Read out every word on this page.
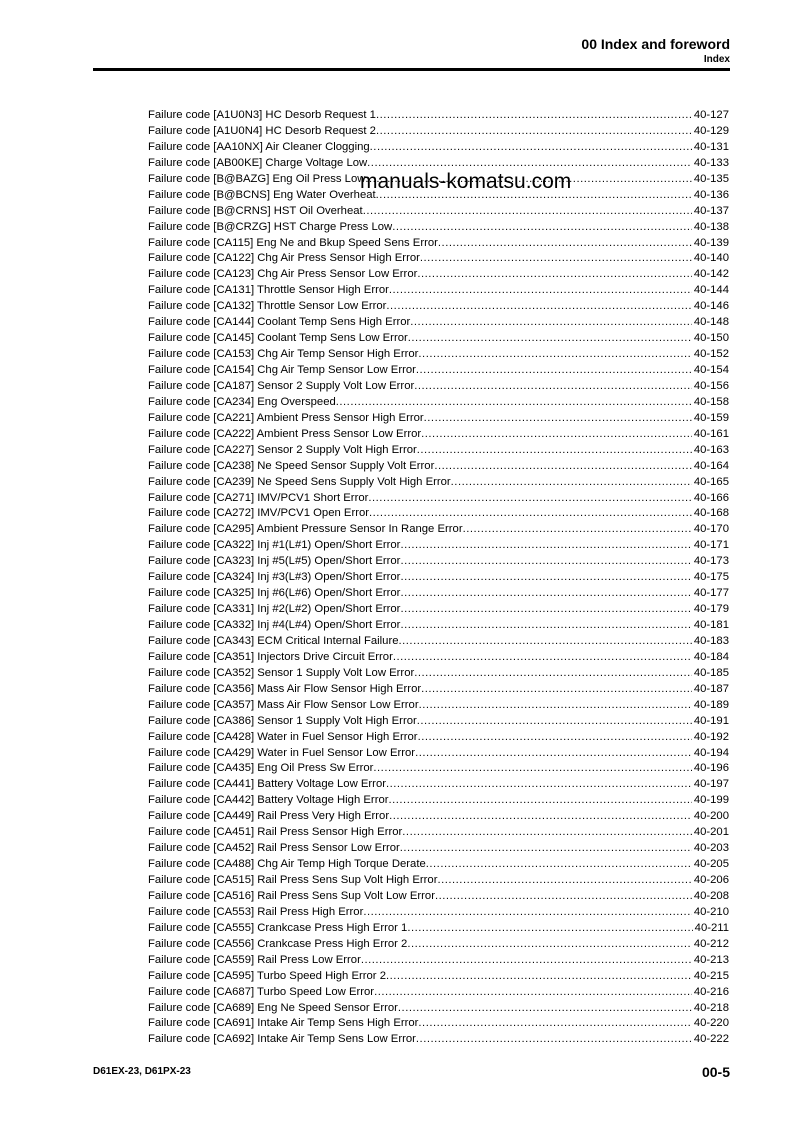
00 Index and foreword
Index
Failure code [A1U0N3] HC Desorb Request 1 .....	40-127
Failure code [A1U0N4] HC Desorb Request 2 .....	40-129
Failure code [AA10NX] Air Cleaner Clogging .....	40-131
Failure code [AB00KE] Charge Voltage Low .....	40-133
Failure code [B@BAZG] Eng Oil Press Low .....	40-135
Failure code [B@BCNS] Eng Water Overheat .....	40-136
Failure code [B@CRNS] HST Oil Overheat .....	40-137
Failure code [B@CRZG] HST Charge Press Low .....	40-138
Failure code [CA115] Eng Ne and Bkup Speed Sens Error .....	40-139
Failure code [CA122] Chg Air Press Sensor High Error .....	40-140
Failure code [CA123] Chg Air Press Sensor Low Error .....	40-142
Failure code [CA131] Throttle Sensor High Error .....	40-144
Failure code [CA132] Throttle Sensor Low Error .....	40-146
Failure code [CA144] Coolant Temp Sens High Error .....	40-148
Failure code [CA145] Coolant Temp Sens Low Error .....	40-150
Failure code [CA153] Chg Air Temp Sensor High Error .....	40-152
Failure code [CA154] Chg Air Temp Sensor Low Error .....	40-154
Failure code [CA187] Sensor 2 Supply Volt Low Error .....	40-156
Failure code [CA234] Eng Overspeed .....	40-158
Failure code [CA221] Ambient Press Sensor High Error .....	40-159
Failure code [CA222] Ambient Press Sensor Low Error .....	40-161
Failure code [CA227] Sensor 2 Supply Volt High Error .....	40-163
Failure code [CA238] Ne Speed Sensor Supply Volt Error .....	40-164
Failure code [CA239] Ne Speed Sens Supply Volt High Error .....	40-165
Failure code [CA271] IMV/PCV1 Short Error .....	40-166
Failure code [CA272] IMV/PCV1 Open Error .....	40-168
Failure code [CA295] Ambient Pressure Sensor In Range Error .....	40-170
Failure code [CA322] Inj #1(L#1) Open/Short Error .....	40-171
Failure code [CA323] Inj #5(L#5) Open/Short Error .....	40-173
Failure code [CA324] Inj #3(L#3) Open/Short Error .....	40-175
Failure code [CA325] Inj #6(L#6) Open/Short Error .....	40-177
Failure code [CA331] Inj #2(L#2) Open/Short Error .....	40-179
Failure code [CA332] Inj #4(L#4) Open/Short Error .....	40-181
Failure code [CA343] ECM Critical Internal Failure .....	40-183
Failure code [CA351] Injectors Drive Circuit Error .....	40-184
Failure code [CA352] Sensor 1 Supply Volt Low Error .....	40-185
Failure code [CA356] Mass Air Flow Sensor High Error .....	40-187
Failure code [CA357] Mass Air Flow Sensor Low Error .....	40-189
Failure code [CA386] Sensor 1 Supply Volt High Error .....	40-191
Failure code [CA428] Water in Fuel Sensor High Error .....	40-192
Failure code [CA429] Water in Fuel Sensor Low Error .....	40-194
Failure code [CA435] Eng Oil Press Sw Error .....	40-196
Failure code [CA441] Battery Voltage Low Error .....	40-197
Failure code [CA442] Battery Voltage High Error .....	40-199
Failure code [CA449] Rail Press Very High Error .....	40-200
Failure code [CA451] Rail Press Sensor High Error .....	40-201
Failure code [CA452] Rail Press Sensor Low Error .....	40-203
Failure code [CA488] Chg Air Temp High Torque Derate .....	40-205
Failure code [CA515] Rail Press Sens Sup Volt High Error .....	40-206
Failure code [CA516] Rail Press Sens Sup Volt Low Error .....	40-208
Failure code [CA553] Rail Press High Error .....	40-210
Failure code [CA555] Crankcase Press High Error 1 .....	40-211
Failure code [CA556] Crankcase Press High Error 2 .....	40-212
Failure code [CA559] Rail Press Low Error .....	40-213
Failure code [CA595] Turbo Speed High Error 2 .....	40-215
Failure code [CA687] Turbo Speed Low Error .....	40-216
Failure code [CA689] Eng Ne Speed Sensor Error .....	40-218
Failure code [CA691] Intake Air Temp Sens High Error .....	40-220
Failure code [CA692] Intake Air Temp Sens Low Error .....	40-222
manuals-komatsu.com
D61EX-23, D61PX-23	00-5
